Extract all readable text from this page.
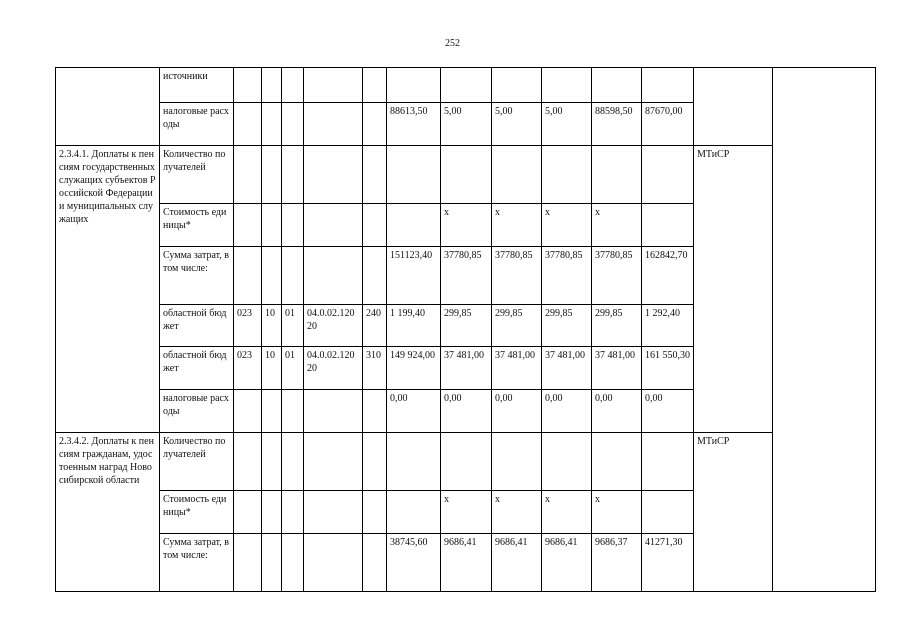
252
	источники													
	налоговые расходы						88613,50	5,00	5,00	5,00	88598,50	87670,00		
2.3.4.1. Доплаты к пенсиям государственных служащих субъектов Российской Федерации и муниципальных служащих	Количество получателей												МТиСР	
	Стоимость единицы*							х	х	х	х			
	Сумма затрат, в том числе:						151123,40	37780,85	37780,85	37780,85	37780,85	162842,70		
	областной бюджет	023	10	01	04.0.02.12020	240	1 199,40	299,85	299,85	299,85	299,85	1 292,40		
	областной бюджет	023	10	01	04.0.02.12020	310	149 924,00	37 481,00	37 481,00	37 481,00	37 481,00	161 550,30		
	налоговые расходы						0,00	0,00	0,00	0,00	0,00	0,00		
2.3.4.2. Доплаты к пенсиям гражданам, удостоенным наград Новосибирской области	Количество получателей												МТиСР	
	Стоимость единицы*							х	х	х	х			
	Сумма затрат, в том числе:						38745,60	9686,41	9686,41	9686,41	9686,37	41271,30		
